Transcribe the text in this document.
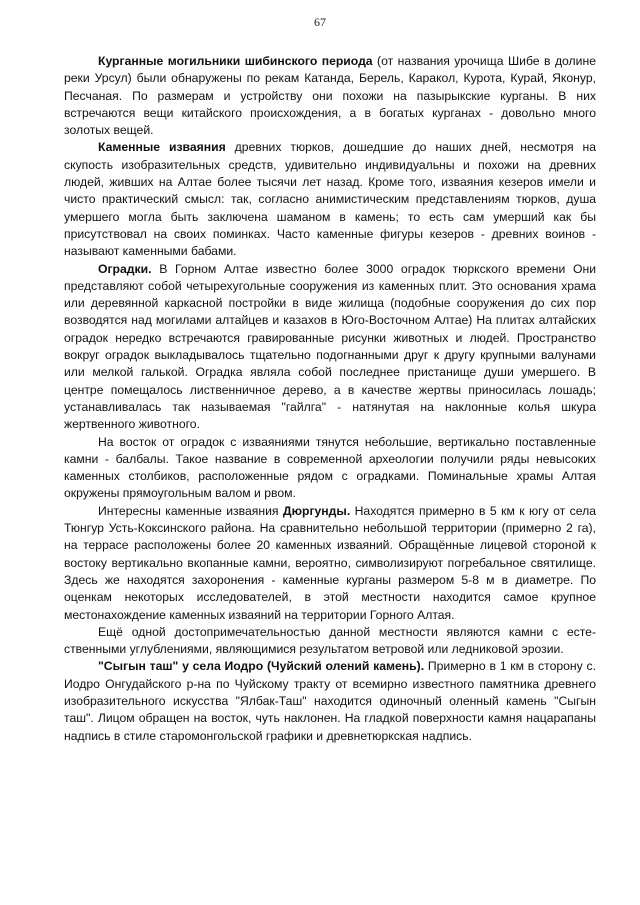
67

Курганные могильники шибинского периода (от названия урочища Шибе в долине реки Урсул) были обнаружены по рекам Катанда, Берель, Каракол, Курота, Курай, Яконур, Песчаная. По размерам и устройству они похожи на пазырыкские курганы. В них встречаются вещи китайского происхождения, а в богатых курганах - довольно много золотых вещей.

Каменные изваяния древних тюрков, дошедшие до наших дней, несмотря на скупость изобразительных средств, удивительно индивидуальны и похожи на древних людей, живших на Алтае более тысячи лет назад. Кроме того, изваяния кезеров имели и чисто практический смысл: так, согласно анимистическим представлениям тюрков, душа умершего могла быть заключена шаманом в камень; то есть сам умерший как бы присутствовал на своих поминках. Часто каменные фигуры кезеров - древних воинов - называют каменными бабами.

Оградки. В Горном Алтае известно более 3000 оградок тюркского времени Они представляют собой четырехугольные сооружения из каменных плит. Это основания храма или деревянной каркасной постройки в виде жилища (подобные сооружения до сих пор возводятся над могилами алтайцев и казахов в Юго-Восточном Алтае) На плитах алтайских оградок нередко встречаются гравированные рисунки животных и людей. Пространство вокруг оградок выкладывалось тщательно подогнанными друг к другу крупными валунами или мелкой галькой. Оградка являла собой последнее пристанище души умершего. В центре помещалось лиственничное дерево, а в качестве жертвы приносилась лошадь; устанавливалась так называемая "гайлга" - натянутая на наклонные колья шкура жертвенного животного.

На восток от оградок с изваяниями тянутся небольшие, вертикально поставленные камни - балбалы. Такое название в современной археологии получили ряды невысоких каменных столбиков, расположенные рядом с оградками. Поминальные храмы Алтая окружены прямоугольным валом и рвом.

Интересны каменные изваяния Дюргунды. Находятся примерно в 5 км к югу от села Тюнгур Усть-Коксинского района. На сравнительно небольшой территории (примерно 2 га), на террасе расположены более 20 каменных изваяний. Обращённые лицевой стороной к востоку вертикально вкопанные камни, вероятно, символизируют погребальное святилище. Здесь же находятся захоронения - каменные курганы размером 5-8 м в диаметре. По оценкам некоторых исследователей, в этой местности находится самое крупное местонахождение каменных изваяний на территории Горного Алтая.

Ещё одной достопримечательностью данной местности являются камни с естественными углублениями, являющимися результатом ветровой или ледниковой эрозии.

"Сыгын таш" у села Иодро (Чуйский олений камень). Примерно в 1 км в сторону с. Иодро Онгудайского р-на по Чуйскому тракту от всемирно известного памятника древнего изобразительного искусства "Ялбак-Таш" находится одиночный оленный камень "Сыгын таш". Лицом обращен на восток, чуть наклонен. На гладкой поверхности камня нацарапаны надпись в стиле старомонгольской графики и древнетюркская надпись.
